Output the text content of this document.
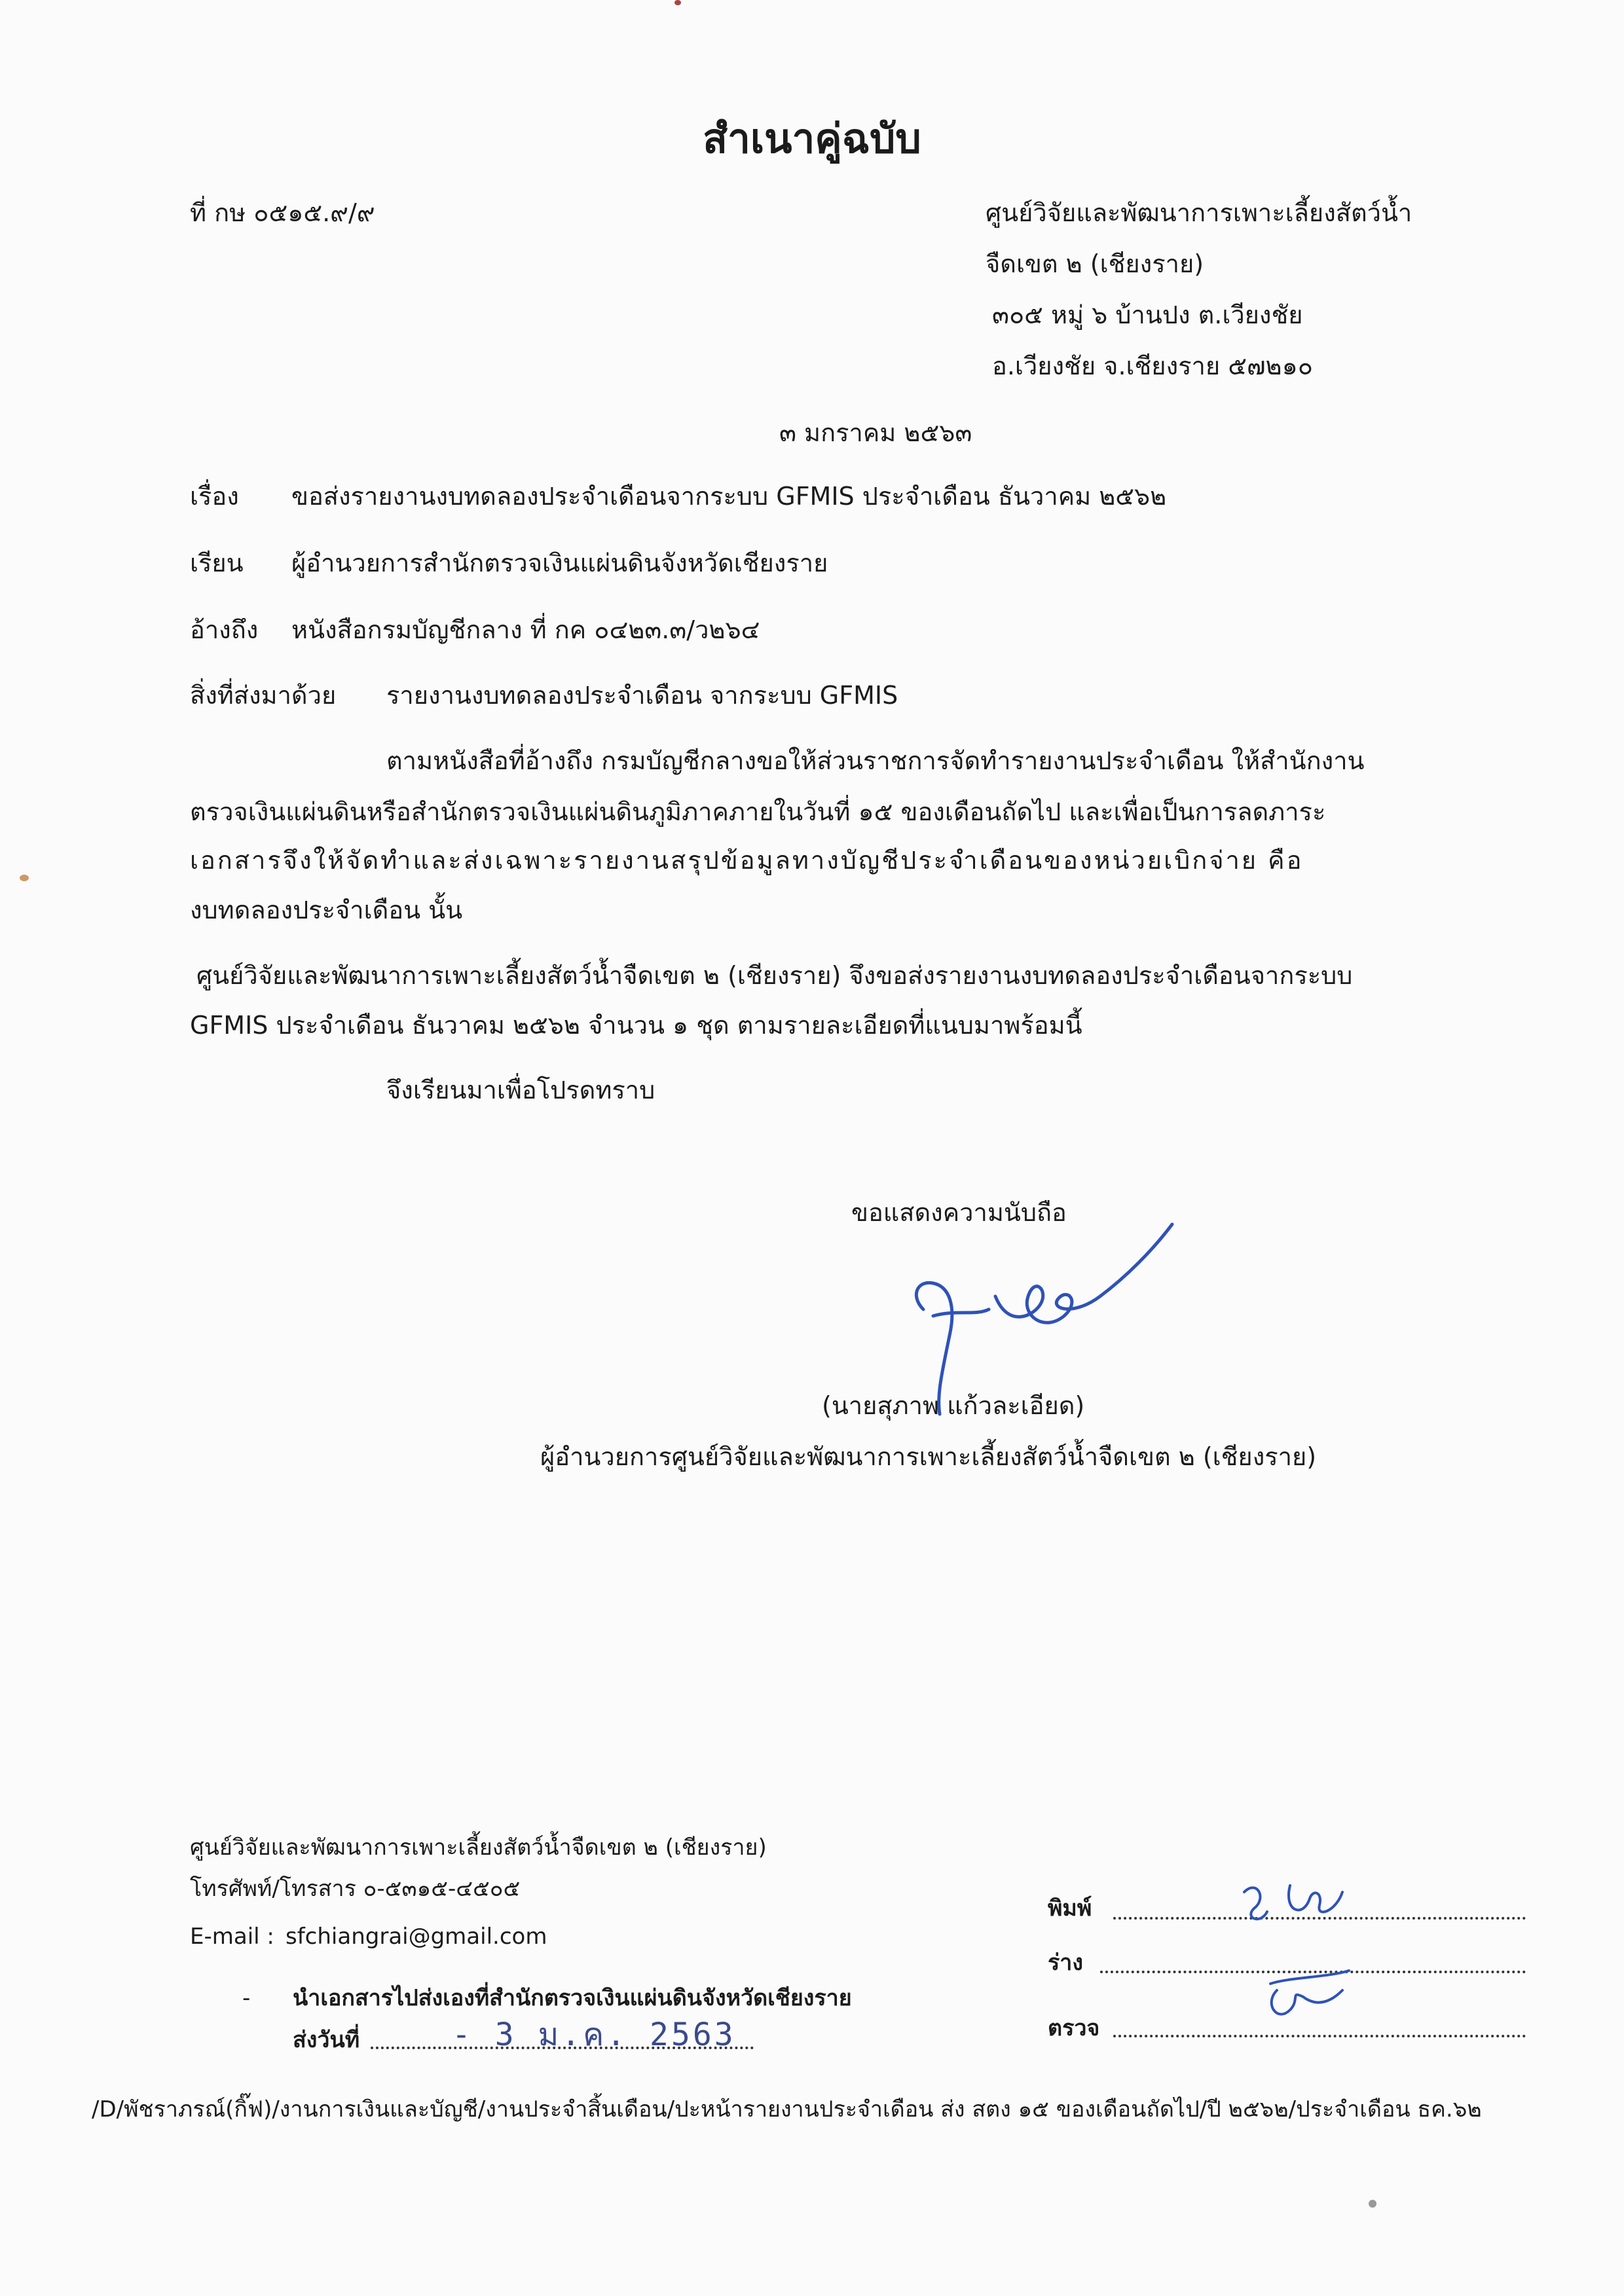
สำเนาคู่ฉบับ
ที่ กษ ๐๕๑๕.๙/๙	ศูนย์วิจัยและพัฒนาการเพาะเลี้ยงสัตว์น้ำ
จืดเขต ๒ (เชียงราย)
๓๐๕ หมู่ ๖ บ้านปง ต.เวียงชัย
อ.เวียงชัย จ.เชียงราย ๕๗๒๑๐
๓ มกราคม ๒๕๖๓
เรื่อง ขอส่งรายงานงบทดลองประจำเดือนจากระบบ GFMIS ประจำเดือน ธันวาคม ๒๕๖๒
เรียน ผู้อำนวยการสำนักตรวจเงินแผ่นดินจังหวัดเชียงราย
อ้างถึง หนังสือกรมบัญชีกลาง ที่ กค ๐๔๒๓.๓/ว๒๖๔
สิ่งที่ส่งมาด้วย รายงานงบทดลองประจำเดือน จากระบบ GFMIS
ตามหนังสือที่อ้างถึง กรมบัญชีกลางขอให้ส่วนราชการจัดทำรายงานประจำเดือน ให้สำนักงาน
ตรวจเงินแผ่นดินหรือสำนักตรวจเงินแผ่นดินภูมิภาคภายในวันที่ ๑๕ ของเดือนถัดไป และเพื่อเป็นการลดภาระ
เอกสารจึงให้จัดทำและส่งเฉพาะรายงานสรุปข้อมูลทางบัญชีประจำเดือนของหน่วยเบิกจ่าย คือ
งบทดลองประจำเดือน นั้น
ศูนย์วิจัยและพัฒนาการเพาะเลี้ยงสัตว์น้ำจืดเขต ๒ (เชียงราย) จึงขอส่งรายงานงบทดลองประจำเดือนจากระบบ
GFMIS ประจำเดือน ธันวาคม ๒๕๖๒ จำนวน ๑ ชุด ตามรายละเอียดที่แนบมาพร้อมนี้
จึงเรียนมาเพื่อโปรดทราบ
ขอแสดงความนับถือ
(นายสุภาพ แก้วละเอียด)
ผู้อำนวยการศูนย์วิจัยและพัฒนาการเพาะเลี้ยงสัตว์น้ำจืดเขต ๒ (เชียงราย)
ศูนย์วิจัยและพัฒนาการเพาะเลี้ยงสัตว์น้ำจืดเขต ๒ (เชียงราย)
โทรศัพท์/โทรสาร ๐-๕๓๑๕-๔๕๐๕
E-mail : sfchiangrai@gmail.com
- นำเอกสารไปส่งเองที่สำนักตรวจเงินแผ่นดินจังหวัดเชียงราย
ส่งวันที่	- 3 ม.ค. 2563
พิมพ์
ร่าง
ตรวจ
/D/พัชราภรณ์(กิ๊ฟ)/งานการเงินและบัญชี/งานประจำสิ้นเดือน/ปะหน้ารายงานประจำเดือน ส่ง สตง ๑๕ ของเดือนถัดไป/ปี ๒๕๖๒/ประจำเดือน ธค.๖๒
